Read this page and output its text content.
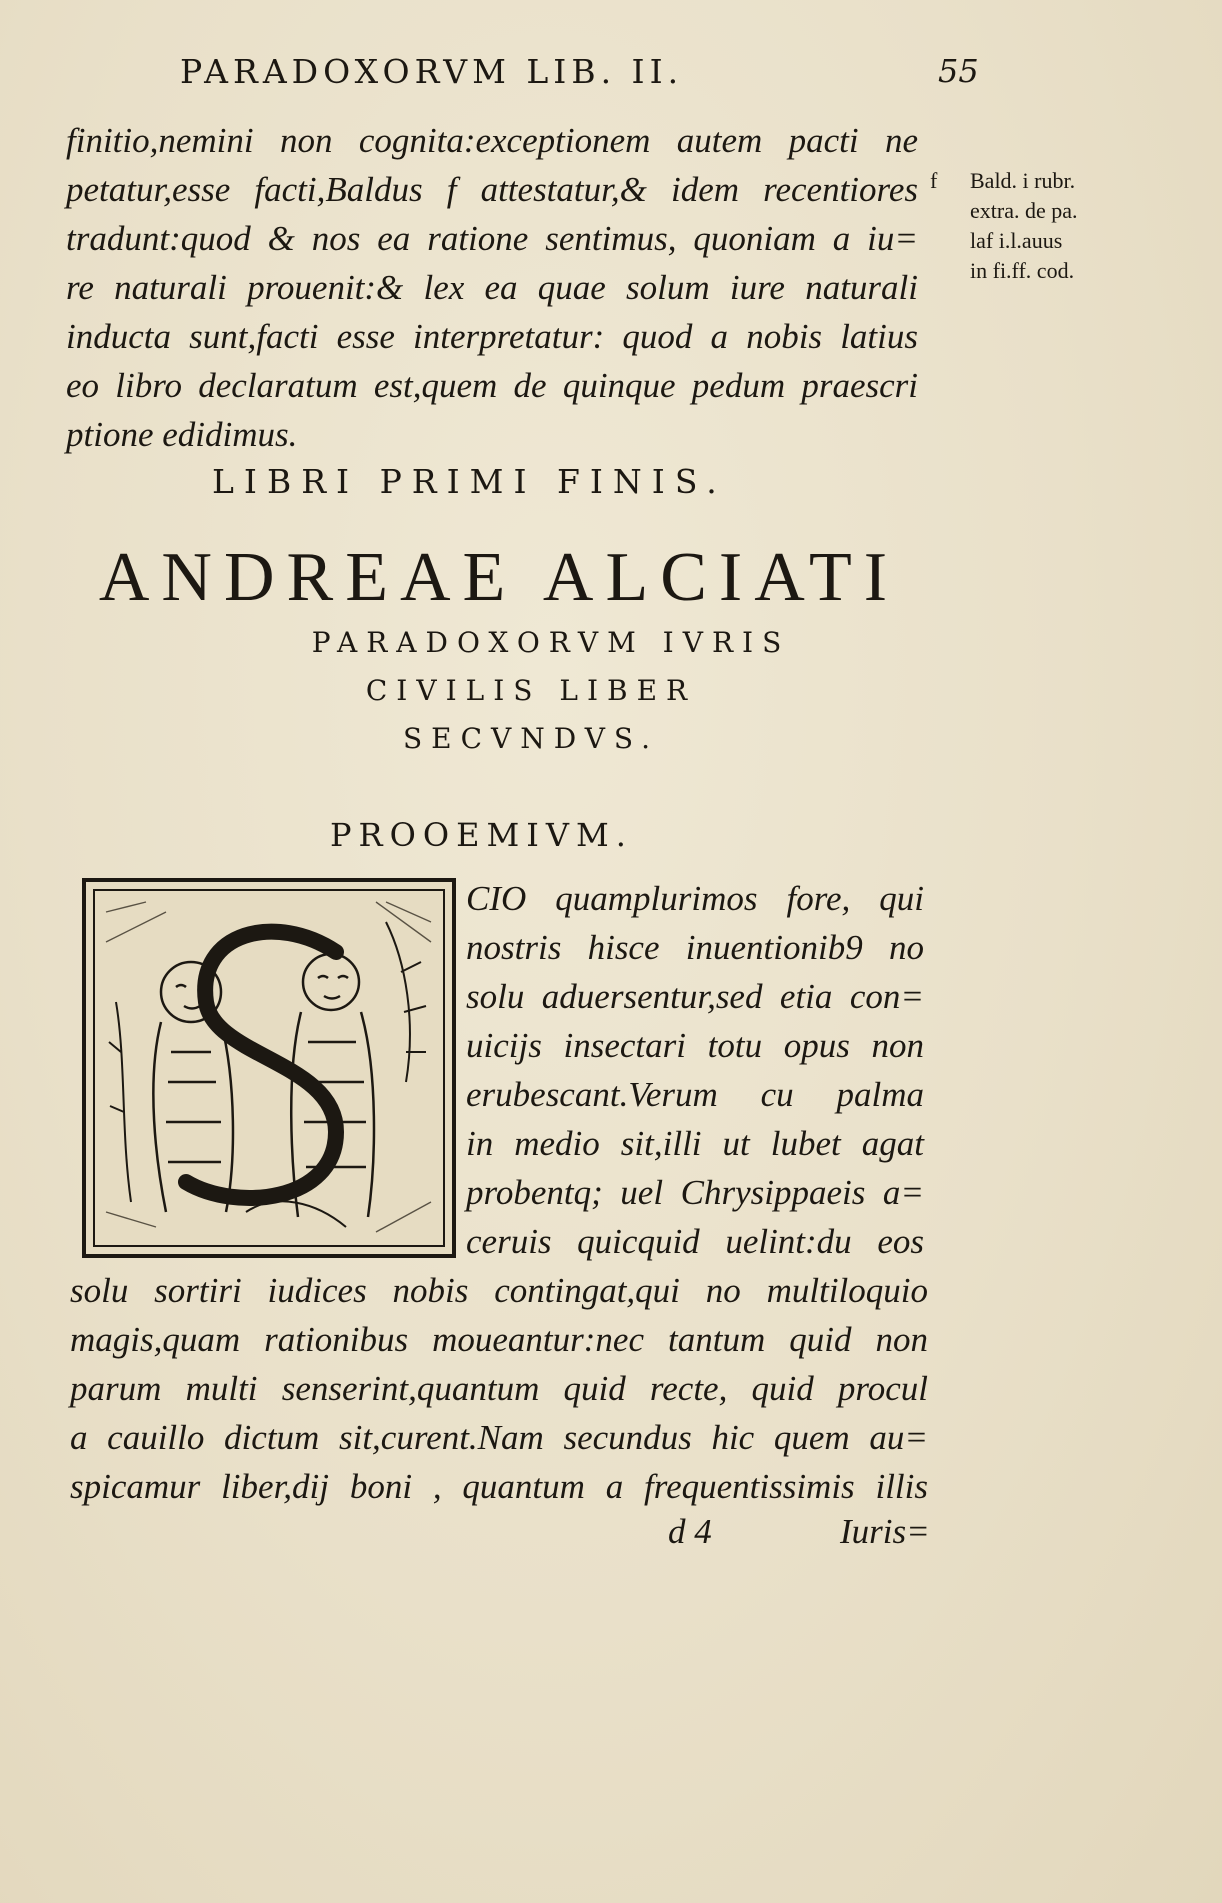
PARADOXORVM LIB. II.	55
finitio,nemini non cognita:exceptionem autem pacti ne
petatur,esse facti,Baldus f attestatur,& idem recentiores
tradunt:quod & nos ea ratione sentimus, quoniam a iu=
re naturali prouenit:& lex ea quae solum iure naturali
inducta sunt,facti esse interpretatur: quod a nobis latius
eo libro declaratum est,quem de quinque pedum praescri
ptione edidimus.
f	Bald. i rubr.
extra. de pa.
laf i.l.auus
in fi.ff. cod.
LIBRI PRIMI FINIS.
ANDREAE ALCIATI
PARADOXORVM IVRIS
CIVILIS LIBER
SECVNDVS.
PROOEMIVM.
CIO quamplurimos fore, qui
nostris hisce inuentionib9 no
solu aduersentur,sed etia con=
uicijs insectari totu opus non
erubescant.Verum cu palma
in medio sit,illi ut lubet agat
probentq; uel Chrysippaeis a=
ceruis quicquid uelint:du eos
solu sortiri iudices nobis contingat,qui no multiloquio
magis,quam rationibus moueantur:nec tantum quid non
parum multi senserint,quantum quid recte, quid procul
a cauillo dictum sit,curent.Nam secundus hic quem au=
spicamur liber,dij boni , quantum a frequentissimis illis
d 4	Iuris=
